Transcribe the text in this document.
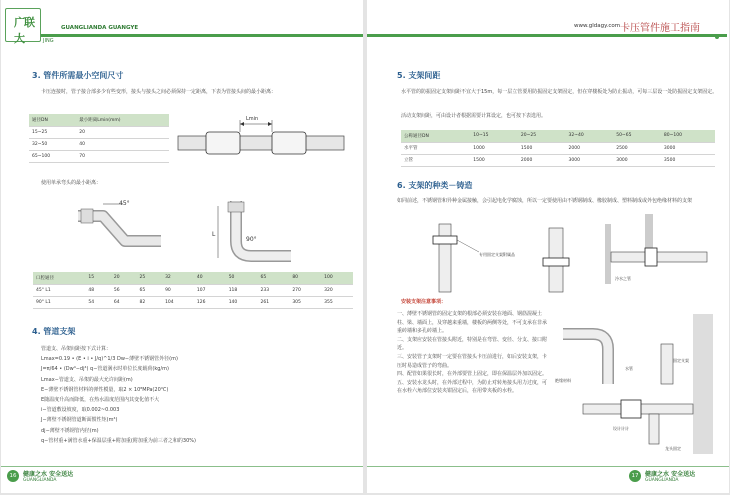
广联大
GUANGLIANDA GUANGYE
JING
3. 管件所需最小空间尺寸
卡压连接时，管子接合部多少有些变形，接头与接头之间必须保持一定距离，下表为管接头间的最小距离：
通径DN	最小距离Lmin(mm)
15~25	20
32~50	40
65~100	70
Lmin
使用单承弯头的最小距离：
45°
L
90°
口腔通径	15	20	25	32	40	50	65	80	100
45° L1	48	56	65	90	107	118	233	270	320
90° L1	54	64	82	104	126	140	261	305	355
4. 管道支架
管道支、吊架间距按下式计算：
Lmax=0.19 • (E • i • J/q)^1/3 Dw−薄壁不锈钢管外径(m)
J=π/64 • (Dw⁴−dj⁴) q−管道满水时单位长度载荷(kg/m)
Lmax−管道支、吊架的最大允许间距(m)
E−薄壁不锈钢管材料的弹性模量，取2 × 10⁸MPa(20℃)
E随温度升高而降低，在热水温度范围内其变化值不大
i−管道敷设坡度，取0.002~0.003
J−薄壁不锈钢管道断面惯性矩(m⁴)
dj−薄壁不锈钢管内径(m)
q−管材重+满管水重+保温层重+附加重(附加重为前三者之和的30%)
16	健康之水 安全送达
GUANGLIANDA
www.gldagy.com 卡压管件施工指南
5. 支架间距
水平管的防振固定支架间距不宜大于15m，每一层立管要用防振固定支架固定，但在穿楼板处为防止振动，可每三层设一处防振固定支架固定。
活动支架间距，可由设计者根据需要计算设定，也可按下表选用。
公称通径DN	10~15	20~25	32~40	50~65	80~100
水平管	1000	1500	2000	2500	3000
立管	1500	2000	3000	3000	3500
6. 支架的种类－铸造
如同前述，不锈钢管和异种金属接触，会引起电化学腐蚀，所以一定要使用由不锈钢制成、橡胶制成、塑料制成或外包绝缘材料的支架
专用固定支架附属品
冷水之管
安装支架注意事项：
一、薄壁不锈钢管的固定支架的根部必须安装在地面、钢筋混凝土柱、梁、墙面上，及穿越来重墙，楼板的两侧等处，不可支承在非承重砖墙和多孔砖墙上。
二、支架应安装在管接头附近，特别是在弯管、变径、分支、接口附近。
三、安装管子支架时一定要在管接头卡压前进行，如后安装支架，卡压时易造成管子的弯曲。
四、配管如果很长时，在外部要管上固定，即在保温层外加以固定。
五、安装水龙头时，在外部过程中，为防止对转角接头用力过度，可在水栓六角部位安装夹钳固定后，在用带夹板的水栓。
绝缘材料
水管
固定支架
设计计计
龙头固定
17	健康之水 安全送达
GUANGLIANDA
